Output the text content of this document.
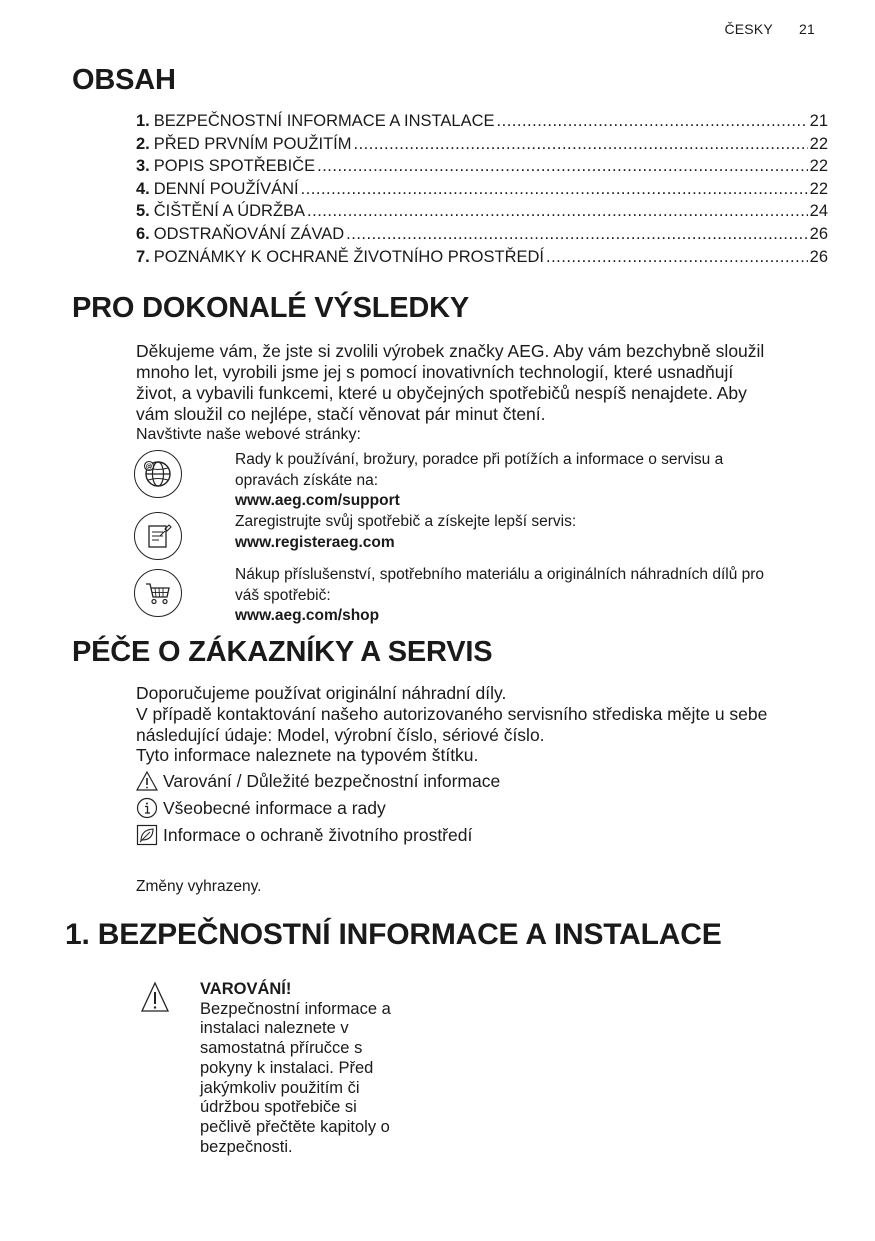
ČESKY 21
OBSAH
1. BEZPEČNOSTNÍ INFORMACE A INSTALACE .....	21
2. PŘED PRVNÍM POUŽITÍM .....	22
3. POPIS SPOTŘEBIČE .....	22
4. DENNÍ POUŽÍVÁNÍ .....	22
5. ČIŠTĚNÍ A ÚDRŽBA .....	24
6. ODSTRAŇOVÁNÍ ZÁVAD .....	26
7. POZNÁMKY K OCHRANĚ ŽIVOTNÍHO PROSTŘEDÍ .....	26
PRO DOKONALÉ VÝSLEDKY
Děkujeme vám, že jste si zvolili výrobek značky AEG. Aby vám bezchybně sloužil
mnoho let, vyrobili jsme jej s pomocí inovativních technologií, které usnadňují
život, a vybavili funkcemi, které u obyčejných spotřebičů nespíš nenajdete. Aby
vám sloužil co nejlépe, stačí věnovat pár minut čtení.
Navštivte naše webové stránky:
@	Rady k používání, brožury, poradce při potížích a informace o servisu a
opravách získáte na:
www.aeg.com/support
Zaregistrujte svůj spotřebič a získejte lepší servis:
www.registeraeg.com
Nákup příslušenství, spotřebního materiálu a originálních náhradních dílů pro
váš spotřebič:
www.aeg.com/shop
PÉČE O ZÁKAZNÍKY A SERVIS
Doporučujeme používat originální náhradní díly.
V případě kontaktování našeho autorizovaného servisního střediska mějte u sebe
následující údaje: Model, výrobní číslo, sériové číslo.
Tyto informace naleznete na typovém štítku.
Varování / Důležité bezpečnostní informace
Všeobecné informace a rady
Informace o ochraně životního prostředí
Změny vyhrazeny.
1. BEZPEČNOSTNÍ INFORMACE A INSTALACE
VAROVÁNÍ!
Bezpečnostní informace a
instalaci naleznete v
samostatná příručce s
pokyny k instalaci. Před
jakýmkoliv použitím či
údržbou spotřebiče si
pečlivě přečtěte kapitoly o
bezpečnosti.
